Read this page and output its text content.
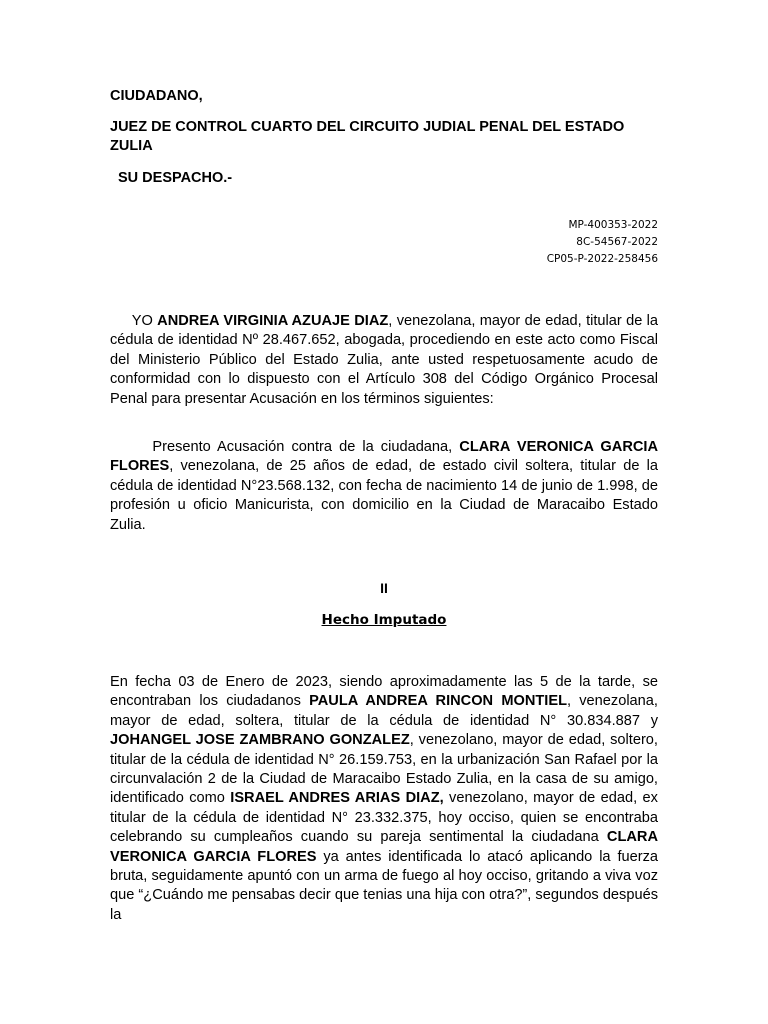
CIUDADANO,

JUEZ DE CONTROL CUARTO DEL CIRCUITO JUDIAL PENAL DEL ESTADO ZULIA

SU DESPACHO.-

MP-400353-2022
8C-54567-2022
CP05-P-2022-258456

YO ANDREA VIRGINIA AZUAJE DIAZ, venezolana, mayor de edad, titular de la cédula de identidad Nº 28.467.652, abogada, procediendo en este acto como Fiscal del Ministerio Público del Estado Zulia, ante usted respetuosamente acudo de conformidad con lo dispuesto con el Artículo 308 del Código Orgánico Procesal Penal para presentar Acusación en los términos siguientes:

Presento Acusación contra de la ciudadana, CLARA VERONICA GARCIA FLORES, venezolana, de 25 años de edad, de estado civil soltera, titular de la cédula de identidad N°23.568.132, con fecha de nacimiento 14 de junio de 1.998, de profesión u oficio Manicurista, con domicilio en la Ciudad de Maracaibo Estado Zulia.

II

Hecho Imputado

En fecha 03 de Enero de 2023, siendo aproximadamente las 5 de la tarde, se encontraban los ciudadanos PAULA ANDREA RINCON MONTIEL, venezolana, mayor de edad, soltera, titular de la cédula de identidad N° 30.834.887 y JOHANGEL JOSE ZAMBRANO GONZALEZ, venezolano, mayor de edad, soltero, titular de la cédula de identidad N° 26.159.753, en la urbanización San Rafael por la circunvalación 2 de la Ciudad de Maracaibo Estado Zulia, en la casa de su amigo, identificado como ISRAEL ANDRES ARIAS DIAZ, venezolano, mayor de edad, ex titular de la cédula de identidad N° 23.332.375, hoy occiso, quien se encontraba celebrando su cumpleaños cuando su pareja sentimental la ciudadana CLARA VERONICA GARCIA FLORES ya antes identificada lo atacó aplicando la fuerza bruta, seguidamente apuntó con un arma de fuego al hoy occiso, gritando a viva voz que “¿Cuándo me pensabas decir que tenias una hija con otra?”, segundos después la
